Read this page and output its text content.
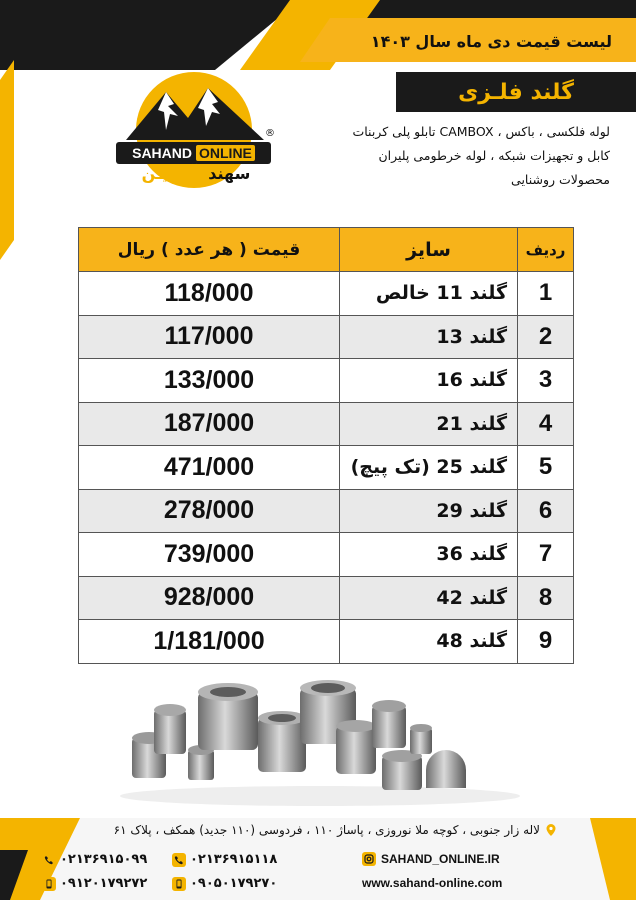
لیست قیمت دی ماه سال ۱۴۰۳
گلند فلـزی
SAHAND ONLINE
®
سهند آنـلایـن
لوله فلکسی ، باکس ، CAMBOX تابلو پلی کربنات
کابل و تجهیزات شبکه ، لوله خرطومی پلیران
محصولات روشنایی
ردیف	سایز	قیمت ( هر عدد ) ریال
1	گلند 11 خالص	118/000
2	گلند 13	117/000
3	گلند 16	133/000
4	گلند 21	187/000
5	گلند 25 (تک پیچ)	471/000
6	گلند 29	278/000
7	گلند 36	739/000
8	گلند 42	928/000
9	گلند 48	1/181/000
لاله زار جنوبی ، کوچه ملا نوروزی ، پاساژ ۱۱۰ ، فردوسی (۱۱۰ جدید) همکف ، پلاک ۶۱
۰۲۱۳۶۹۱۵۰۹۹	۰۲۱۳۶۹۱۵۱۱۸
۰۹۱۲۰۱۷۹۲۷۲	۰۹۰۵۰۱۷۹۲۷۰
SAHAND_ONLINE.IR
www.sahand-online.com
